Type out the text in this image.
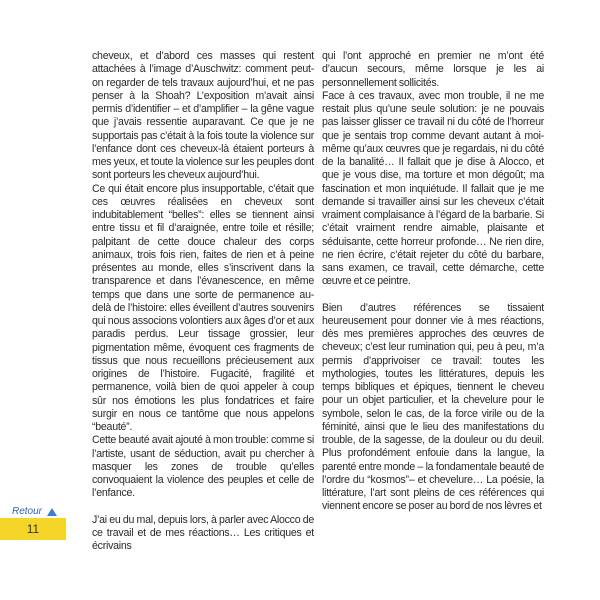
cheveux, et d’abord ces masses qui restent attachées à l’image d’Auschwitz: comment peut-on regarder de tels travaux aujourd’hui, et ne pas penser à la Shoah? L’exposition m’avait ainsi permis d’identifier – et d’amplifier – la gêne vague que j’avais ressentie auparavant. Ce que je ne supportais pas c’était à la fois toute la violence sur l’enfance dont ces cheveux-là étaient porteurs à mes yeux, et toute la violence sur les peuples dont sont porteurs les cheveux aujourd’hui.

Ce qui était encore plus insupportable, c’était que ces œuvres réalisées en cheveux sont indubitablement “belles”: elles se tiennent ainsi entre tissu et fil d’araignée, entre toile et résille; palpitant de cette douce chaleur des corps animaux, trois fois rien, faites de rien et à peine présentes au monde, elles s’inscrivent dans la transparence et dans l’évanescence, en même temps que dans une sorte de permanence au-delà de l’histoire: elles éveillent d’autres souvenirs qui nous associons volontiers aux âges d’or et aux paradis perdus. Leur tissage grossier, leur pigmentation même, évoquent ces fragments de tissus que nous recueillons précieusement aux origines de l’histoire. Fugacité, fragilité et permanence, voilà bien de quoi appeler à coup sûr nos émotions les plus fondatrices et faire surgir en nous ce tantôme que nous appelons “beauté”.

Cette beauté avait ajouté à mon trouble: comme si l’artiste, usant de séduction, avait pu chercher à masquer les zones de trouble qu’elles convoquaient la violence des peuples et celle de l’enfance.

J’ai eu du mal, depuis lors, à parler avec Alocco de ce travail et de mes réactions… Les critiques et écrivains

qui l’ont approché en premier ne m’ont été d’aucun secours, même lorsque je les ai personnellement sollicités.

Face à ces travaux, avec mon trouble, il ne me restait plus qu’une seule solution: je ne pouvais pas laisser glisser ce travail ni du côté de l’horreur que je sentais trop comme devant autant à moi-même qu’aux œuvres que je regardais, ni du côté de la banalité… Il fallait que je dise à Alocco, et que je vous dise, ma torture et mon dégoût; ma fascination et mon inquiétude. Il fallait que je me demande si travailler ainsi sur les cheveux c’était vraiment complaisance à l’égard de la barbarie. Si c’était vraiment rendre aimable, plaisante et séduisante, cette horreur profonde… Ne rien dire, ne rien écrire, c’était rejeter du côté du barbare, sans examen, ce travail, cette démarche, cette œuvre et ce peintre.

Bien d’autres références se tissaient heureusement pour donner vie à mes réactions, dès mes premières approches des œuvres de cheveux; c’est leur rumination qui, peu à peu, m’a permis d’apprivoiser ce travail: toutes les mythologies, toutes les littératures, depuis les temps bibliques et épiques, tiennent le cheveu pour un objet particulier, et la chevelure pour le symbole, selon le cas, de la force virile ou de la féminité, ainsi que le lieu des manifestations du trouble, de la sagesse, de la douleur ou du deuil. Plus profondément enfouie dans la langue, la parenté entre monde – la fondamentale beauté de l’ordre du “kosmos”– et chevelure… La poésie, la littérature, l’art sont pleins de ces références qui viennent encore se poser au bord de nos lèvres et

Retour
11
